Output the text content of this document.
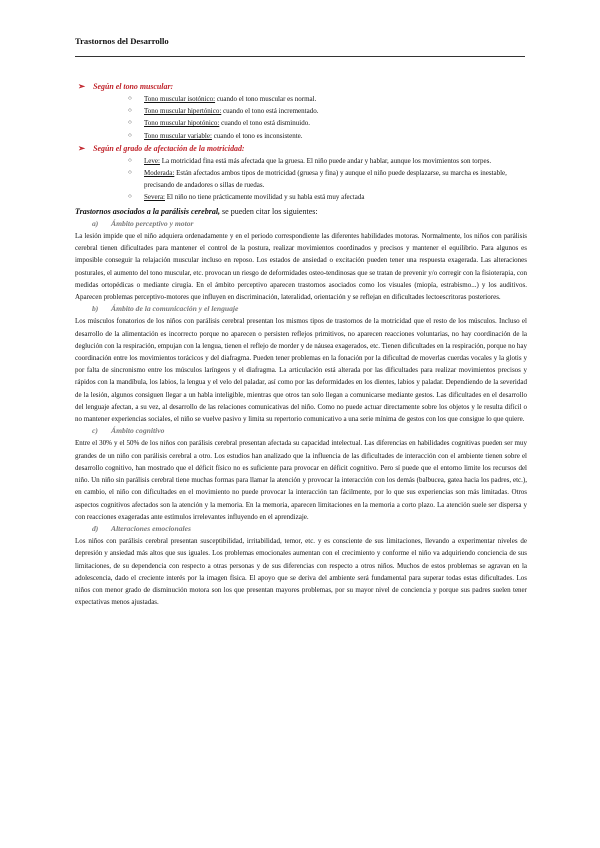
Trastornos del Desarrollo
➢ Según el tono muscular:
○	Tono muscular isotónico: cuando el tono muscular es normal.
○	Tono muscular hipertónico: cuando el tono está incrementado.
○	Tono muscular hipotónico: cuando el tono está disminuido.
○	Tono muscular variable: cuando el tono es inconsistente.
➢ Según el grado de afectación de la motricidad:
○	Leve: La motricidad fina está más afectada que la gruesa. El niño puede andar y hablar, aunque los movimientos son torpes.
○	Moderada: Están afectados ambos tipos de motricidad (gruesa y fina) y aunque el niño puede desplazarse, su marcha es inestable, precisando de andadores o sillas de ruedas.
○	Severa: El niño no tiene prácticamente movilidad y su habla está muy afectada
Trastornos asociados a la parálisis cerebral, se pueden citar los siguientes:
a) Ámbito perceptivo y motor
La lesión impide que el niño adquiera ordenadamente y en el periodo correspondiente las diferentes habilidades motoras. Normalmente, los niños con parálisis cerebral tienen dificultades para mantener el control de la postura, realizar movimientos coordinados y precisos y mantener el equilibrio. Para algunos es imposible conseguir la relajación muscular incluso en reposo. Los estados de ansiedad o excitación pueden tener una respuesta exagerada. Las alteraciones posturales, el aumento del tono muscular, etc. provocan un riesgo de deformidades osteo-tendinosas que se tratan de prevenir y/o corregir con la fisioterapia, con medidas ortopédicas o mediante cirugía. En el ámbito perceptivo aparecen trastornos asociados como los visuales (miopía, estrabismo...) y los auditivos. Aparecen problemas perceptivo-motores que influyen en discriminación, lateralidad, orientación y se reflejan en dificultades lectoescritoras posteriores.
b) Ámbito de la comunicación y el lenguaje
Los músculos fonatorios de los niños con parálisis cerebral presentan los mismos tipos de trastornos de la motricidad que el resto de los músculos. Incluso el desarrollo de la alimentación es incorrecto porque no aparecen o persisten reflejos primitivos, no aparecen reacciones voluntarias, no hay coordinación de la deglución con la respiración, empujan con la lengua, tienen el reflejo de morder y de náusea exagerados, etc. Tienen dificultades en la respiración, porque no hay coordinación entre los movimientos torácicos y del diafragma. Pueden tener problemas en la fonación por la dificultad de moverlas cuerdas vocales y la glotis y por falta de sincronismo entre los músculos laríngeos y el diafragma. La articulación está alterada por las dificultades para realizar movimientos precisos y rápidos con la mandíbula, los labios, la lengua y el velo del paladar, así como por las deformidades en los dientes, labios y paladar. Dependiendo de la severidad de la lesión, algunos consiguen llegar a un habla inteligible, mientras que otros tan solo llegan a comunicarse mediante gestos. Las dificultades en el desarrollo del lenguaje afectan, a su vez, al desarrollo de las relaciones comunicativas del niño. Como no puede actuar directamente sobre los objetos y le resulta difícil o no mantener experiencias sociales, el niño se vuelve pasivo y limita su repertorio comunicativo a una serie mínima de gestos con los que consigue lo que quiere.
c) Ámbito cognitivo
Entre el 30% y el 50% de los niños con parálisis cerebral presentan afectada su capacidad intelectual. Las diferencias en habilidades cognitivas pueden ser muy grandes de un niño con parálisis cerebral a otro. Los estudios han analizado que la influencia de las dificultades de interacción con el ambiente tienen sobre el desarrollo cognitivo, han mostrado que el déficit físico no es suficiente para provocar en déficit cognitivo. Pero sí puede que el entorno limite los recursos del niño. Un niño sin parálisis cerebral tiene muchas formas para llamar la atención y provocar la interacción con los demás (balbucea, gatea hacia los padres, etc.), en cambio, el niño con dificultades en el movimiento no puede provocar la interacción tan fácilmente, por lo que sus experiencias son más limitadas. Otros aspectos cognitivos afectados son la atención y la memoria. En la memoria, aparecen limitaciones en la memoria a corto plazo. La atención suele ser dispersa y con reacciones exageradas ante estímulos irrelevantes influyendo en el aprendizaje.
d) Alteraciones emocionales
Los niños con parálisis cerebral presentan susceptibilidad, irritabilidad, temor, etc. y es consciente de sus limitaciones, llevando a experimentar niveles de depresión y ansiedad más altos que sus iguales. Los problemas emocionales aumentan con el crecimiento y conforme el niño va adquiriendo conciencia de sus limitaciones, de su dependencia con respecto a otras personas y de sus diferencias con respecto a otros niños. Muchos de estos problemas se agravan en la adolescencia, dado el creciente interés por la imagen física. El apoyo que se deriva del ambiente será fundamental para superar todas estas dificultades. Los niños con menor grado de disminución motora son los que presentan mayores problemas, por su mayor nivel de conciencia y porque sus padres suelen tener expectativas menos ajustadas.
